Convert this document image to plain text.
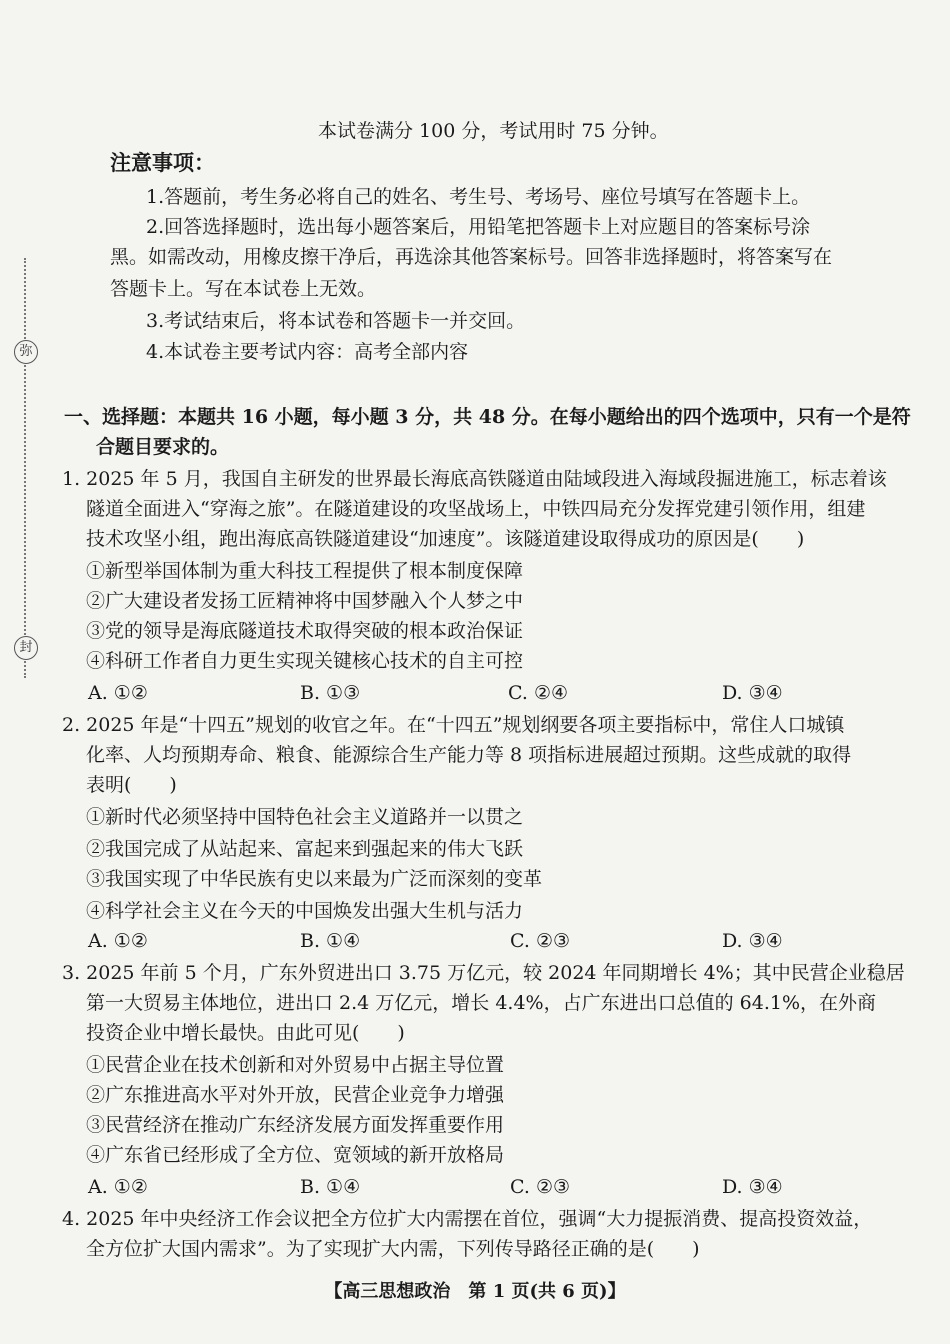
弥
封
本试卷满分 100 分，考试用时 75 分钟。
注意事项：
1.答题前，考生务必将自己的姓名、考生号、考场号、座位号填写在答题卡上。
2.回答选择题时，选出每小题答案后，用铅笔把答题卡上对应题目的答案标号涂
黑。如需改动，用橡皮擦干净后，再选涂其他答案标号。回答非选择题时，将答案写在
答题卡上。写在本试卷上无效。
3.考试结束后，将本试卷和答题卡一并交回。
4.本试卷主要考试内容：高考全部内容
一、选择题：本题共 16 小题，每小题 3 分，共 48 分。在每小题给出的四个选项中，只有一个是符
合题目要求的。
1. 2025 年 5 月，我国自主研发的世界最长海底高铁隧道由陆域段进入海域段掘进施工，标志着该
隧道全面进入“穿海之旅”。在隧道建设的攻坚战场上，中铁四局充分发挥党建引领作用，组建
技术攻坚小组，跑出海底高铁隧道建设“加速度”。该隧道建设取得成功的原因是(　　)
①新型举国体制为重大科技工程提供了根本制度保障
②广大建设者发扬工匠精神将中国梦融入个人梦之中
③党的领导是海底隧道技术取得突破的根本政治保证
④科研工作者自力更生实现关键核心技术的自主可控
A. ①②	B. ①③	C. ②④	D. ③④
2. 2025 年是“十四五”规划的收官之年。在“十四五”规划纲要各项主要指标中，常住人口城镇
化率、人均预期寿命、粮食、能源综合生产能力等 8 项指标进展超过预期。这些成就的取得
表明(　　)
①新时代必须坚持中国特色社会主义道路并一以贯之
②我国完成了从站起来、富起来到强起来的伟大飞跃
③我国实现了中华民族有史以来最为广泛而深刻的变革
④科学社会主义在今天的中国焕发出强大生机与活力
A. ①②	B. ①④	C. ②③	D. ③④
3. 2025 年前 5 个月，广东外贸进出口 3.75 万亿元，较 2024 年同期增长 4%；其中民营企业稳居
第一大贸易主体地位，进出口 2.4 万亿元，增长 4.4%，占广东进出口总值的 64.1%，在外商
投资企业中增长最快。由此可见(　　)
①民营企业在技术创新和对外贸易中占据主导位置
②广东推进高水平对外开放，民营企业竞争力增强
③民营经济在推动广东经济发展方面发挥重要作用
④广东省已经形成了全方位、宽领域的新开放格局
A. ①②	B. ①④	C. ②③	D. ③④
4. 2025 年中央经济工作会议把全方位扩大内需摆在首位，强调“大力提振消费、提高投资效益，
全方位扩大国内需求”。为了实现扩大内需，下列传导路径正确的是(　　)
【高三思想政治　第 1 页(共 6 页)】
